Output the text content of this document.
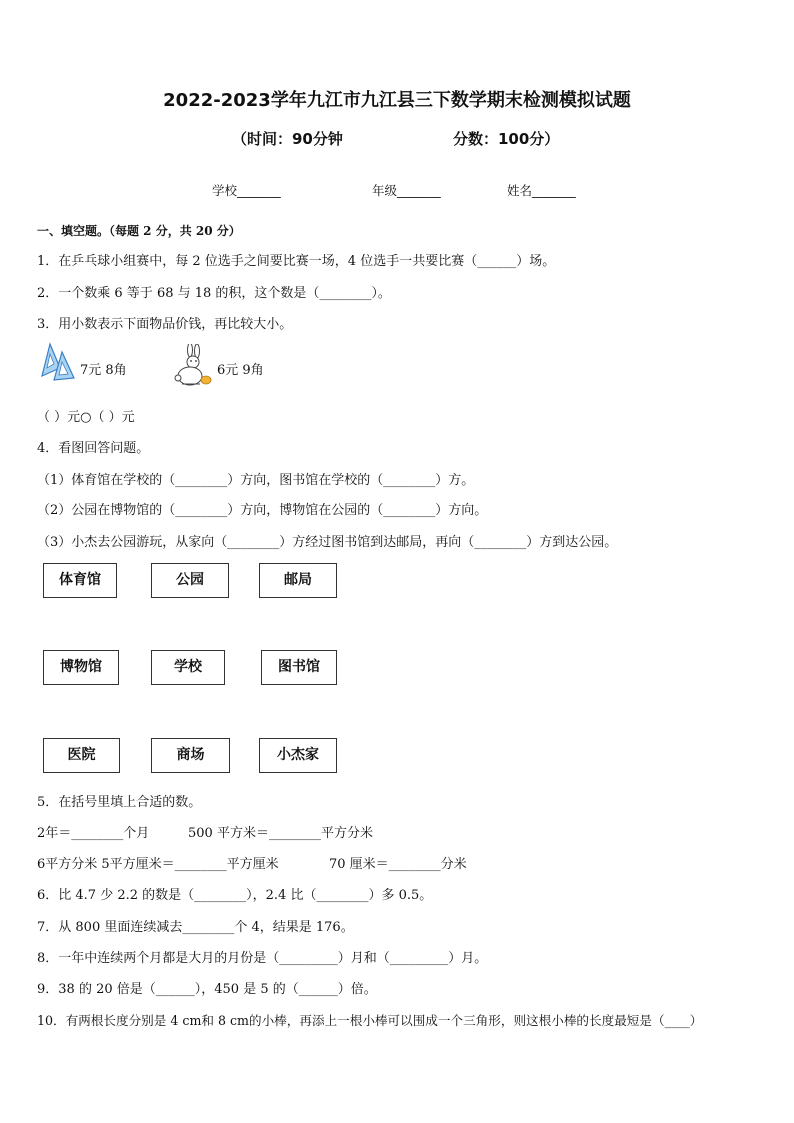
2022-2023学年九江市九江县三下数学期末检测模拟试题
（时间：90分钟	分数：100分）
学校_______	年级_______	姓名_______
一、填空题。（每题 2 分，共 20 分）
1．在乒乓球小组赛中，每 2 位选手之间要比赛一场，4 位选手一共要比赛（______）场。
2．一个数乘 6 等于 68 与 18 的积，这个数是（________）。
3．用小数表示下面物品价钱，再比较大小。
7元 8角	6元 9角
（ ）元○（ ）元
4．看图回答问题。
（1）体育馆在学校的（________）方向，图书馆在学校的（________）方。
（2）公园在博物馆的（________）方向，博物馆在公园的（________）方向。
（3）小杰去公园游玩，从家向（________）方经过图书馆到达邮局，再向（________）方到达公园。
体育馆	公园	邮局
博物馆	学校	图书馆
医院	商场	小杰家
5．在括号里填上合适的数。
2年＝________个月	500 平方米＝________平方分米
6平方分米 5平方厘米＝________平方厘米	70 厘米＝________分米
6．比 4.7 少 2.2 的数是（________），2.4 比（________）多 0.5。
7．从 800 里面连续减去________个 4，结果是 176。
8．一年中连续两个月都是大月的月份是（_________）月和（_________）月。
9．38 的 20 倍是（______），450 是 5 的（______）倍。
10．有两根长度分别是 4 cm和 8 cm的小棒，再添上一根小棒可以围成一个三角形，则这根小棒的长度最短是（____）
